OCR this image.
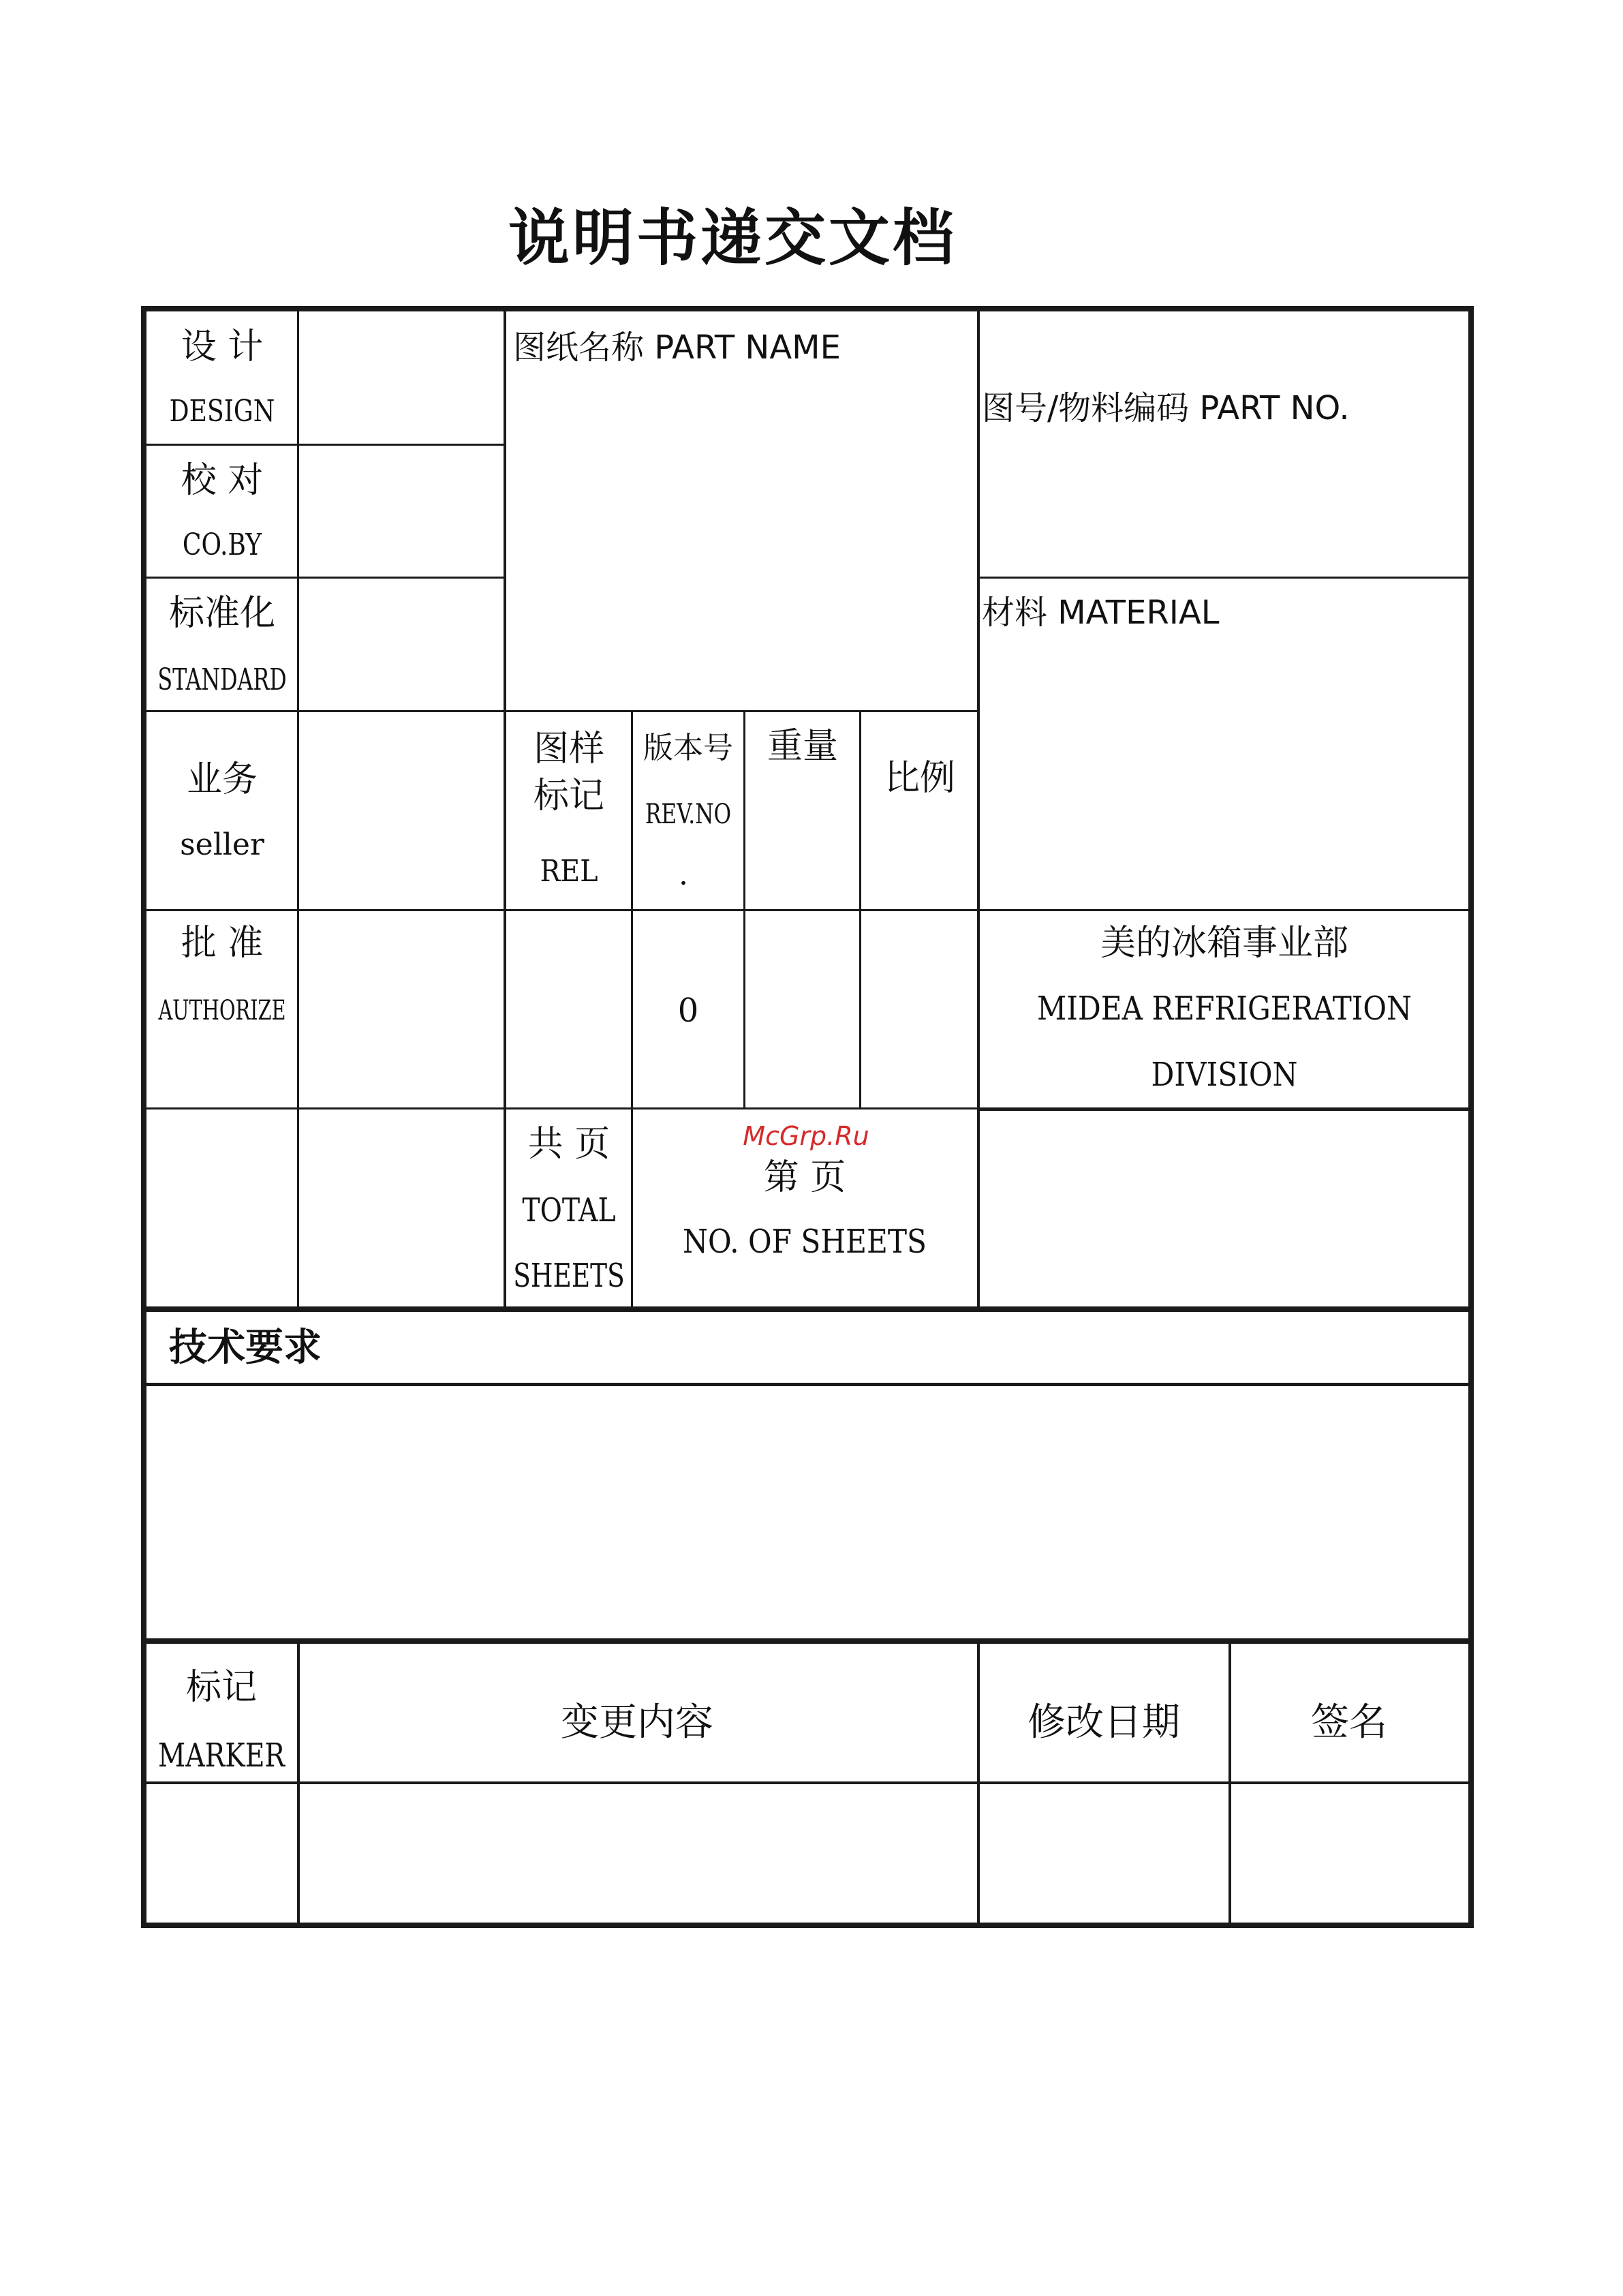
说明书递交文档
设 计
DESIGN
校 对
CO.BY
标准化
STANDARD
业务
seller
批 准
AUTHORIZE
图纸名称 PART NAME
图号/物料编码 PART NO.
材料 MATERIAL
图样
标记
REL
版本号
REV.NO
.
重量
比例
0
美的冰箱事业部
MIDEA REFRIGERATION
DIVISION
共 页
TOTAL
SHEETS
McGrp.Ru
第 页
NO. OF SHEETS
技术要求
标记
MARKER
变更内容	修改日期	签名
